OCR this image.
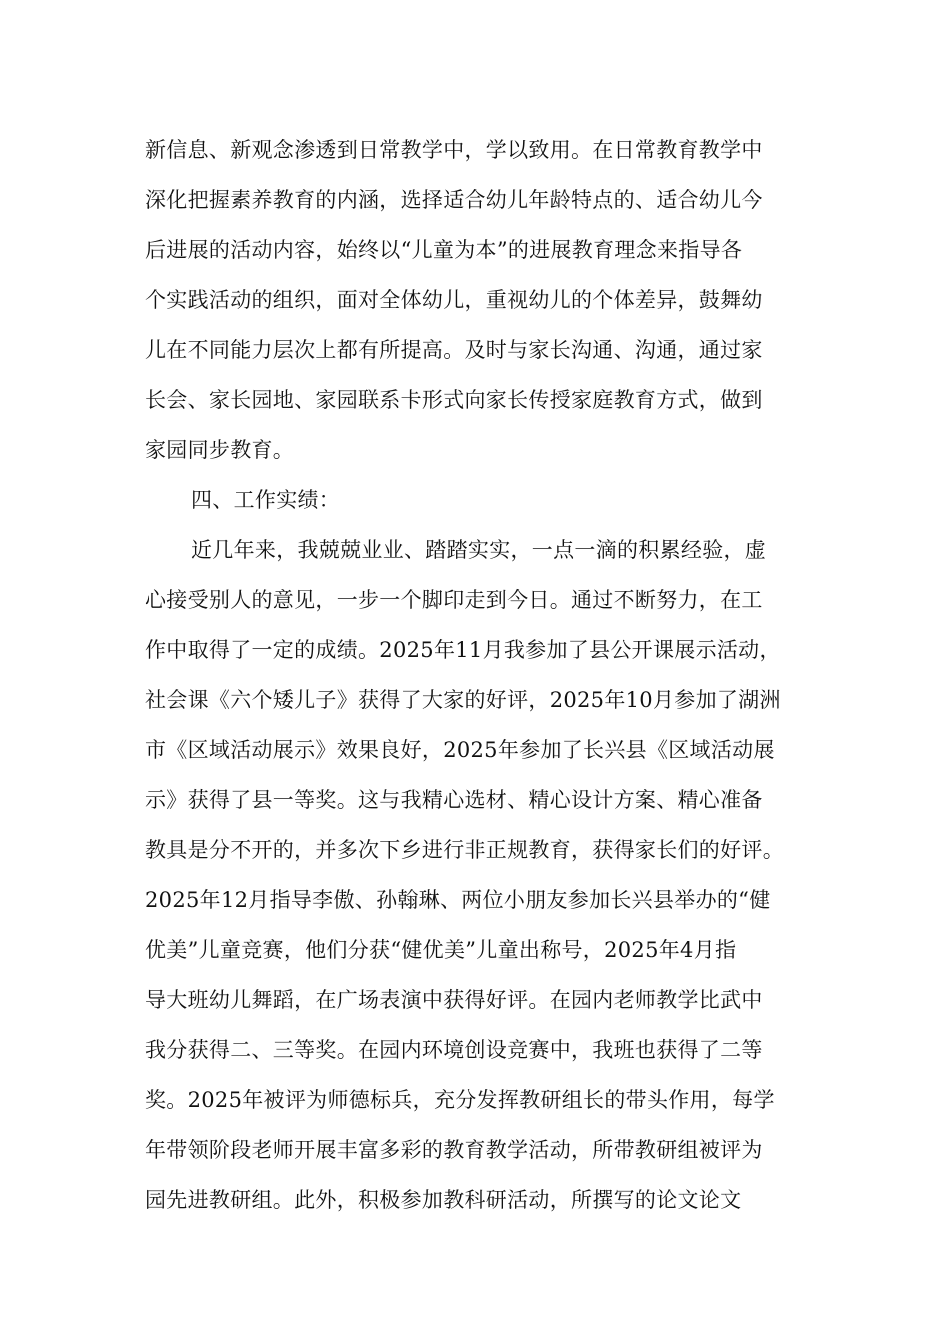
新信息、新观念渗透到日常教学中，学以致用。在日常教育教学中
深化把握素养教育的内涵，选择适合幼儿年龄特点的、适合幼儿今
后进展的活动内容，始终以“儿童为本”的进展教育理念来指导各
个实践活动的组织，面对全体幼儿，重视幼儿的个体差异，鼓舞幼
儿在不同能力层次上都有所提高。及时与家长沟通、沟通，通过家
长会、家长园地、家园联系卡形式向家长传授家庭教育方式，做到
家园同步教育。
四、工作实绩：
近几年来，我兢兢业业、踏踏实实，一点一滴的积累经验，虚
心接受别人的意见，一步一个脚印走到今日。通过不断努力，在工
作中取得了一定的成绩。2025年11月我参加了县公开课展示活动，
社会课《六个矮儿子》获得了大家的好评，2025年10月参加了湖洲
市《区域活动展示》效果良好，2025年参加了长兴县《区域活动展
示》获得了县一等奖。这与我精心选材、精心设计方案、精心准备
教具是分不开的，并多次下乡进行非正规教育，获得家长们的好评。
2025年12月指导李傲、孙翰琳、两位小朋友参加长兴县举办的“健
优美”儿童竞赛，他们分获“健优美”儿童出称号，2025年4月指
导大班幼儿舞蹈，在广场表演中获得好评。在园内老师教学比武中
我分获得二、三等奖。在园内环境创设竞赛中，我班也获得了二等
奖。2025年被评为师德标兵，充分发挥教研组长的带头作用，每学
年带领阶段老师开展丰富多彩的教育教学活动，所带教研组被评为
园先进教研组。此外，积极参加教科研活动，所撰写的论文论文
